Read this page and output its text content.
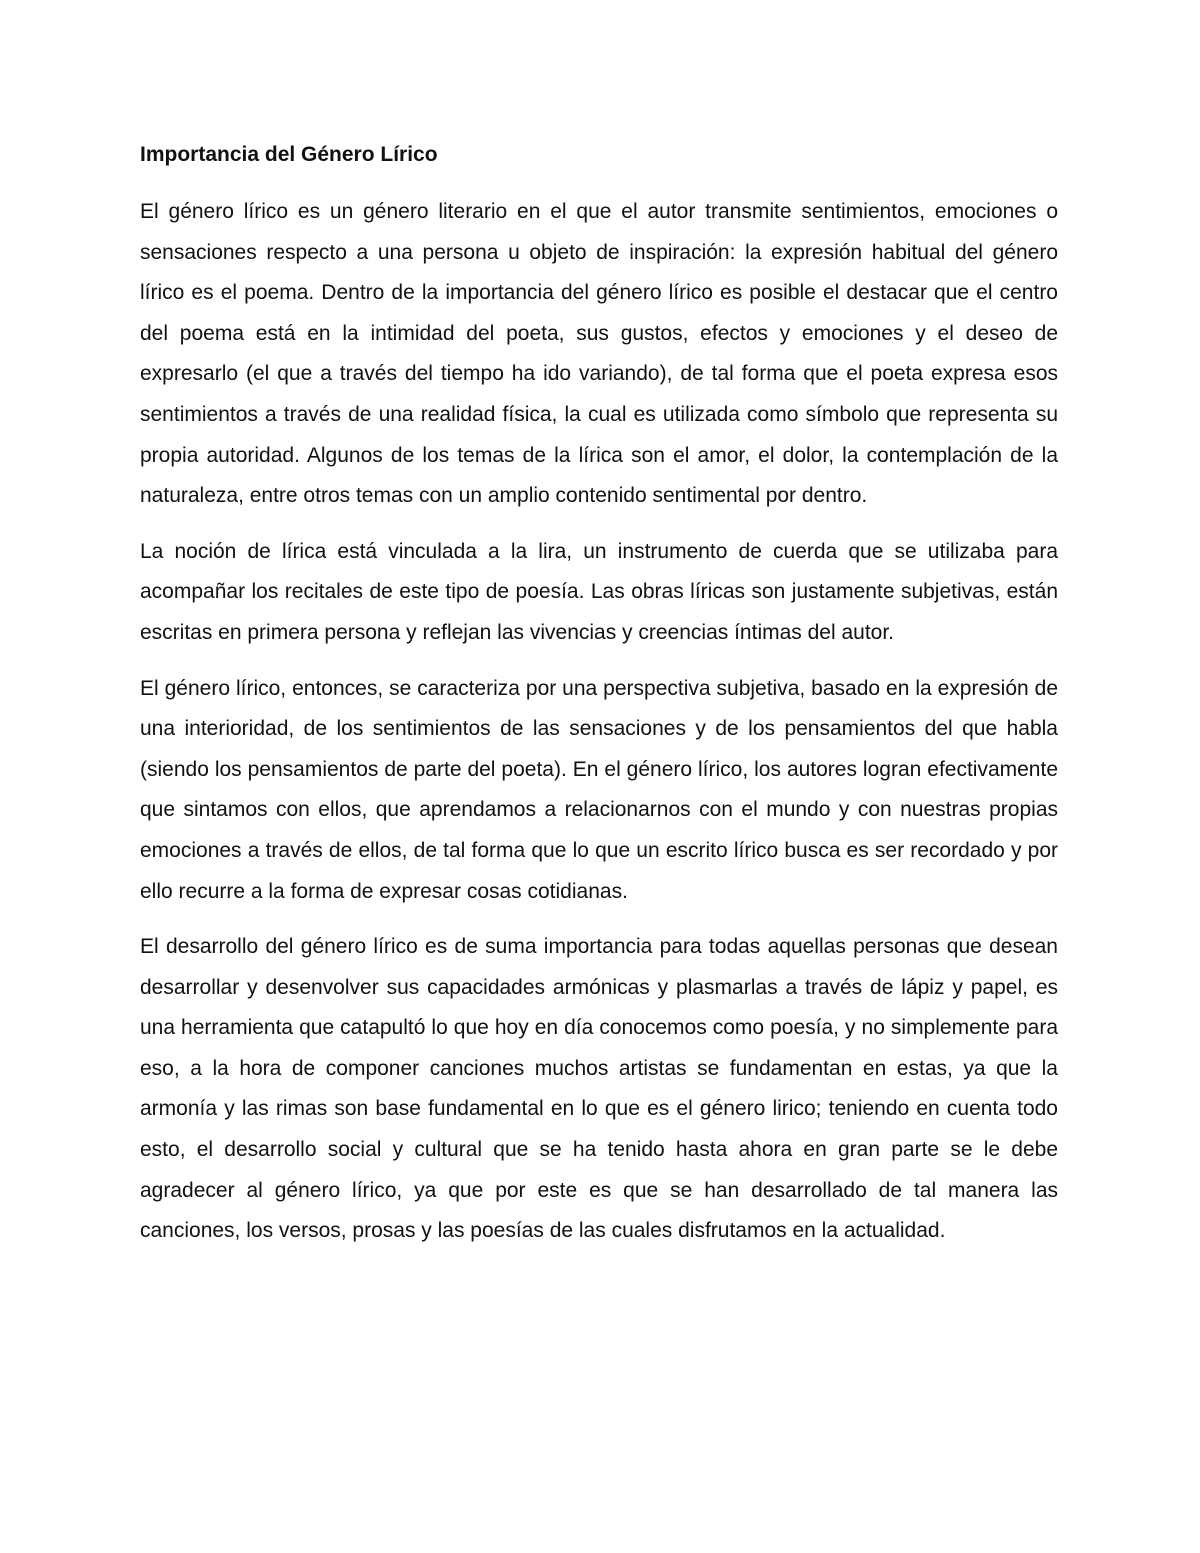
Importancia del Género Lírico

El género lírico es un género literario en el que el autor transmite sentimientos, emociones o sensaciones respecto a una persona u objeto de inspiración: la expresión habitual del género lírico es el poema. Dentro de la importancia del género lírico es posible el destacar que el centro del poema está en la intimidad del poeta, sus gustos, efectos y emociones y el deseo de expresarlo (el que a través del tiempo ha ido variando), de tal forma que el poeta expresa esos sentimientos a través de una realidad física, la cual es utilizada como símbolo que representa su propia autoridad. Algunos de los temas de la lírica son el amor, el dolor, la contemplación de la naturaleza, entre otros temas con un amplio contenido sentimental por dentro.

La noción de lírica está vinculada a la lira, un instrumento de cuerda que se utilizaba para acompañar los recitales de este tipo de poesía. Las obras líricas son justamente subjetivas, están escritas en primera persona y reflejan las vivencias y creencias íntimas del autor.

El género lírico, entonces, se caracteriza por una perspectiva subjetiva, basado en la expresión de una interioridad, de los sentimientos de las sensaciones y de los pensamientos del que habla (siendo los pensamientos de parte del poeta). En el género lírico, los autores logran efectivamente que sintamos con ellos, que aprendamos a relacionarnos con el mundo y con nuestras propias emociones a través de ellos, de tal forma que lo que un escrito lírico busca es ser recordado y por ello recurre a la forma de expresar cosas cotidianas.

El desarrollo del género lírico es de suma importancia para todas aquellas personas que desean desarrollar y desenvolver sus capacidades armónicas y plasmarlas a través de lápiz y papel, es una herramienta que catapultó lo que hoy en día conocemos como poesía, y no simplemente para eso, a la hora de componer canciones muchos artistas se fundamentan en estas, ya que la armonía y las rimas son base fundamental en lo que es el género lirico; teniendo en cuenta todo esto, el desarrollo social y cultural que se ha tenido hasta ahora en gran parte se le debe agradecer al género lírico, ya que por este es que se han desarrollado de tal manera las canciones, los versos, prosas y las poesías de las cuales disfrutamos en la actualidad.
